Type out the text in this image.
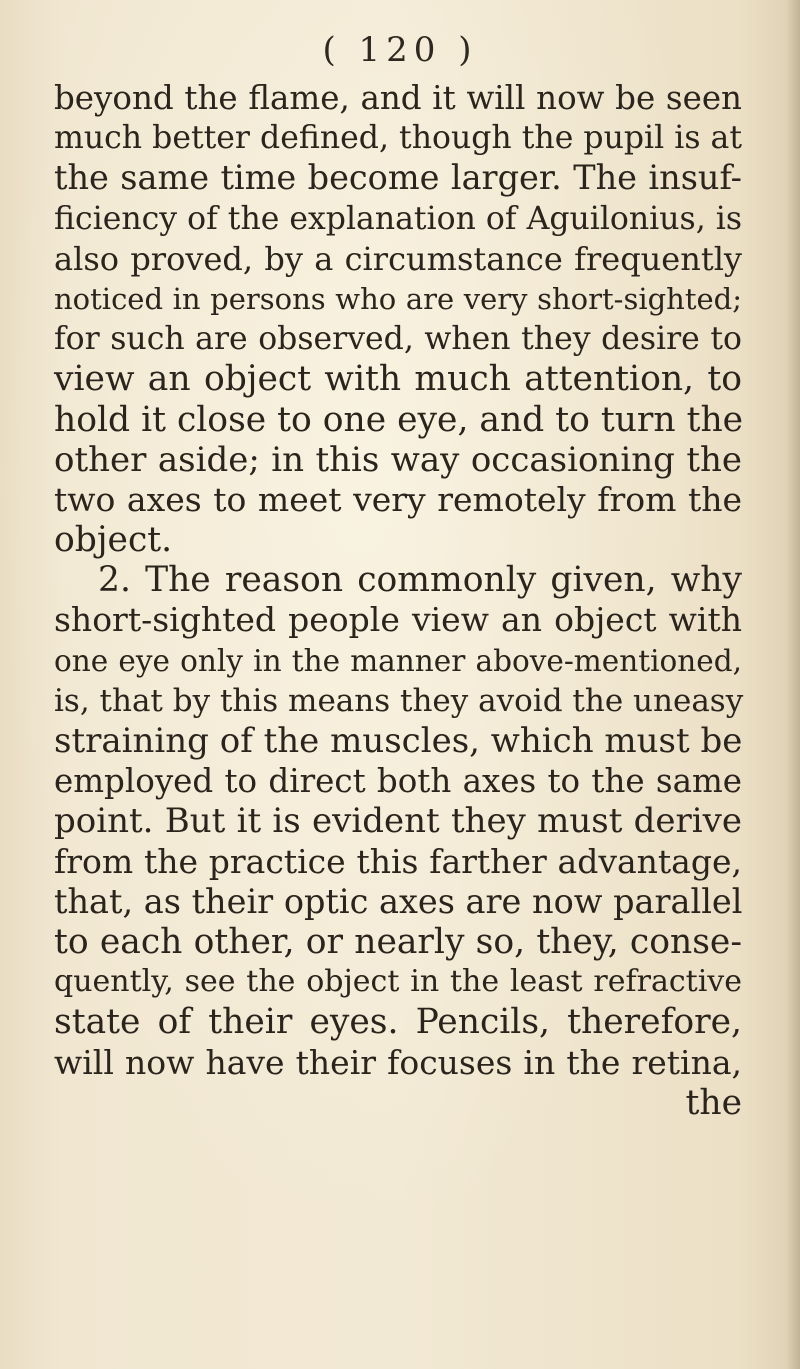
( 120 )
beyond the flame, and it will now be seen
much better defined, though the pupil is at
the same time become larger. The insuf-
ficiency of the explanation of Aguilonius, is
also proved, by a circumstance frequently
noticed in persons who are very short-sighted;
for such are observed, when they desire to
view an object with much attention, to
hold it close to one eye, and to turn the
other aside; in this way occasioning the
two axes to meet very remotely from the
object.
2. The reason commonly given, why
short-sighted people view an object with
one eye only in the manner above-mentioned,
is, that by this means they avoid the uneasy
straining of the muscles, which must be
employed to direct both axes to the same
point. But it is evident they must derive
from the practice this farther advantage,
that, as their optic axes are now parallel
to each other, or nearly so, they, conse-
quently, see the object in the least refractive
state of their eyes. Pencils, therefore,
will now have their focuses in the retina,
the
